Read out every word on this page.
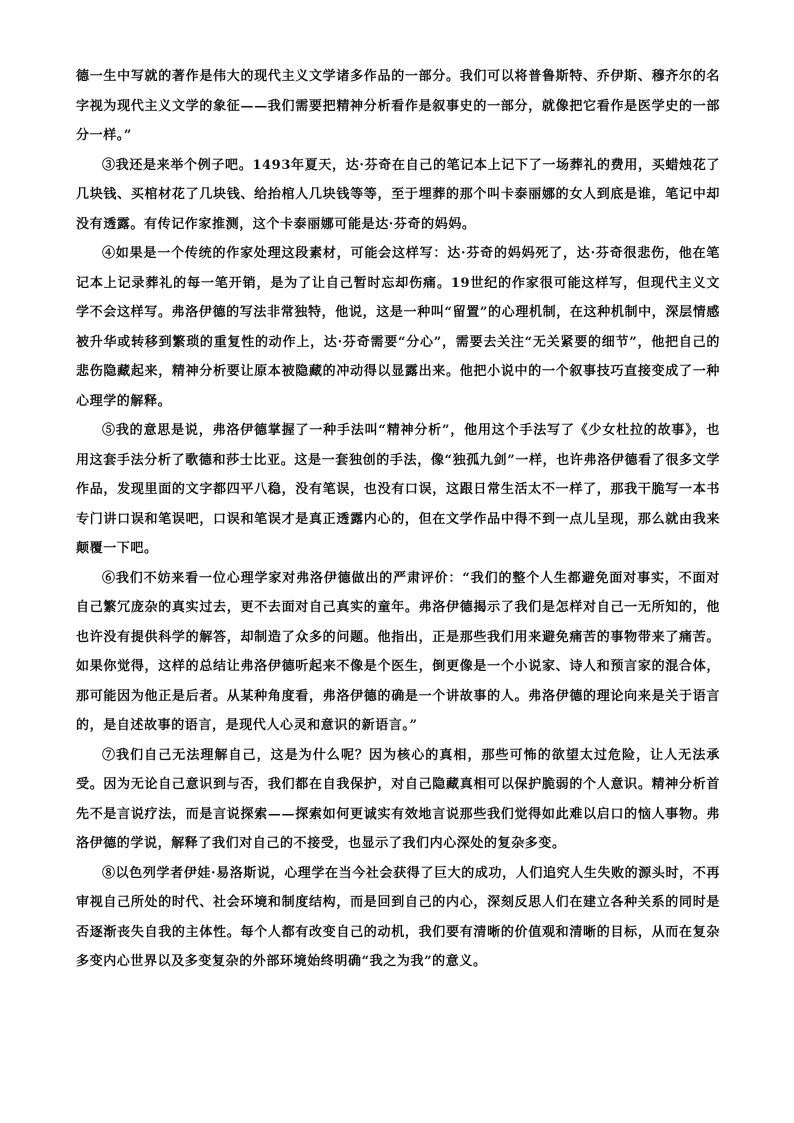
德一生中写就的著作是伟大的现代主义文学诸多作品的一部分。我们可以将普鲁斯特、乔伊斯、穆齐尔的名字视为现代主义文学的象征——我们需要把精神分析看作是叙事史的一部分，就像把它看作是医学史的一部分一样。”

③我还是来举个例子吧。1493年夏天，达·芬奇在自己的笔记本上记下了一场葬礼的费用，买蜡烛花了几块钱、买棺材花了几块钱、给抬棺人几块钱等等，至于埋葬的那个叫卡泰丽娜的女人到底是谁，笔记中却没有透露。有传记作家推测，这个卡泰丽娜可能是达·芬奇的妈妈。

④如果是一个传统的作家处理这段素材，可能会这样写：达·芬奇的妈妈死了，达·芬奇很悲伤，他在笔记本上记录葬礼的每一笔开销，是为了让自己暂时忘却伤痛。19世纪的作家很可能这样写，但现代主义文学不会这样写。弗洛伊德的写法非常独特，他说，这是一种叫“留置”的心理机制，在这种机制中，深层情感被升华或转移到繁琐的重复性的动作上，达·芬奇需要“分心”，需要去关注“无关紧要的细节”，他把自己的悲伤隐藏起来，精神分析要让原本被隐藏的冲动得以显露出来。他把小说中的一个叙事技巧直接变成了一种心理学的解释。

⑤我的意思是说，弗洛伊德掌握了一种手法叫“精神分析”，他用这个手法写了《少女杜拉的故事》，也用这套手法分析了歌德和莎士比亚。这是一套独创的手法，像“独孤九剑”一样，也许弗洛伊德看了很多文学作品，发现里面的文字都四平八稳，没有笔误，也没有口误，这跟日常生活太不一样了，那我干脆写一本书专门讲口误和笔误吧，口误和笔误才是真正透露内心的，但在文学作品中得不到一点儿呈现，那么就由我来颠覆一下吧。

⑥我们不妨来看一位心理学家对弗洛伊德做出的严肃评价：“我们的整个人生都避免面对事实，不面对自己繁冗庞杂的真实过去，更不去面对自己真实的童年。弗洛伊德揭示了我们是怎样对自己一无所知的，他也许没有提供科学的解答，却制造了众多的问题。他指出，正是那些我们用来避免痛苦的事物带来了痛苦。如果你觉得，这样的总结让弗洛伊德听起来不像是个医生，倒更像是一个小说家、诗人和预言家的混合体，那可能因为他正是后者。从某种角度看，弗洛伊德的确是一个讲故事的人。弗洛伊德的理论向来是关于语言的，是自述故事的语言，是现代人心灵和意识的新语言。”

⑦我们自己无法理解自己，这是为什么呢？因为核心的真相，那些可怖的欲望太过危险，让人无法承受。因为无论自己意识到与否，我们都在自我保护，对自己隐藏真相可以保护脆弱的个人意识。精神分析首先不是言说疗法，而是言说探索——探索如何更诚实有效地言说那些我们觉得如此难以启口的恼人事物。弗洛伊德的学说，解释了我们对自己的不接受，也显示了我们内心深处的复杂多变。

⑧以色列学者伊娃·易洛斯说，心理学在当今社会获得了巨大的成功，人们追究人生失败的源头时，不再审视自己所处的时代、社会环境和制度结构，而是回到自己的内心，深刻反思人们在建立各种关系的同时是否逐渐丧失自我的主体性。每个人都有改变自己的动机，我们要有清晰的价值观和清晰的目标，从而在复杂多变内心世界以及多变复杂的外部环境始终明确“我之为我”的意义。
